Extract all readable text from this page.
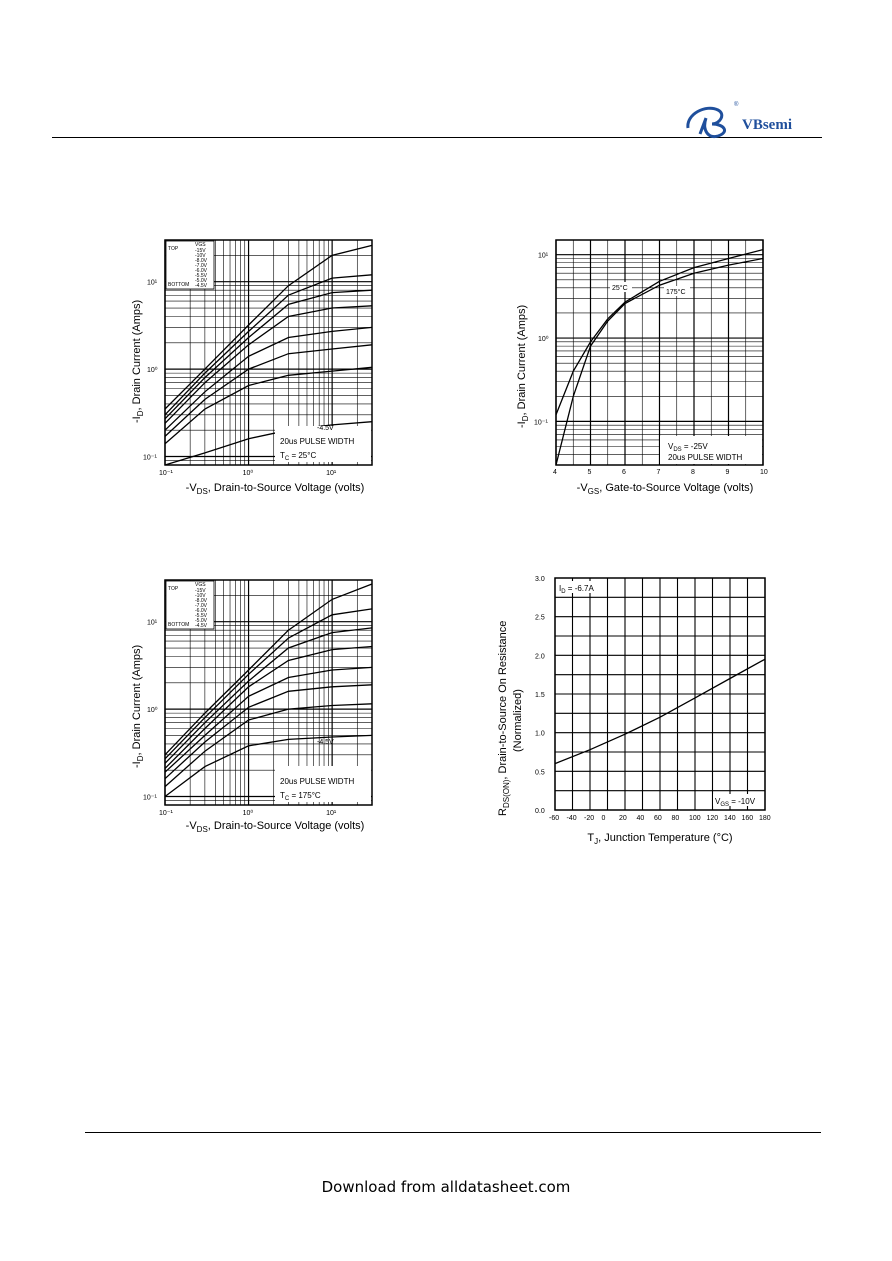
®
VBsemi
TOP
BOTTOM
VGS
-15V
-10V
-8.0V
-7.0V
-6.0V
-5.5V
-5.0V
-4.5V
10¹
10⁰
10⁻¹
10⁻¹	10⁰	10¹
20us PULSE WIDTH
$T_C = 25^\circ C$
-4.5V
$-I_D$, Drain Current (Amps)
$-V_{DS}$, Drain-to-Source Voltage (volts)
4	5	6	7	8	9	10
10¹
10⁰
10⁻¹
25°C
175°C
$V_{DS} = -25V$
20us PULSE WIDTH
$-I_D$, Drain Current (Amps)
$-V_{GS}$, Gate-to-Source Voltage (volts)
TOP
BOTTOM
VGS
-15V
-10V
-8.0V
-7.0V
-6.0V
-5.5V
-5.0V
-4.5V
10¹
10⁰
10⁻¹
10⁻¹	10⁰	10¹
20us PULSE WIDTH
$T_C = 175^\circ C$
-4.5V
$-I_D$, Drain Current (Amps)
$-V_{DS}$, Drain-to-Source Voltage (volts)
3.0
2.5
2.0
1.5
1.0
0.5
0.0
-60 -40 -20 0 20 40 60 80 100 120 140 160 180
$I_D = -6.7A$
$V_{GS} = -10V$
$R_{DS(ON)}$, Drain-to-Source On Resistance (Normalized)
$T_J$, Junction Temperature (°C)
Download from alldatasheet.com
